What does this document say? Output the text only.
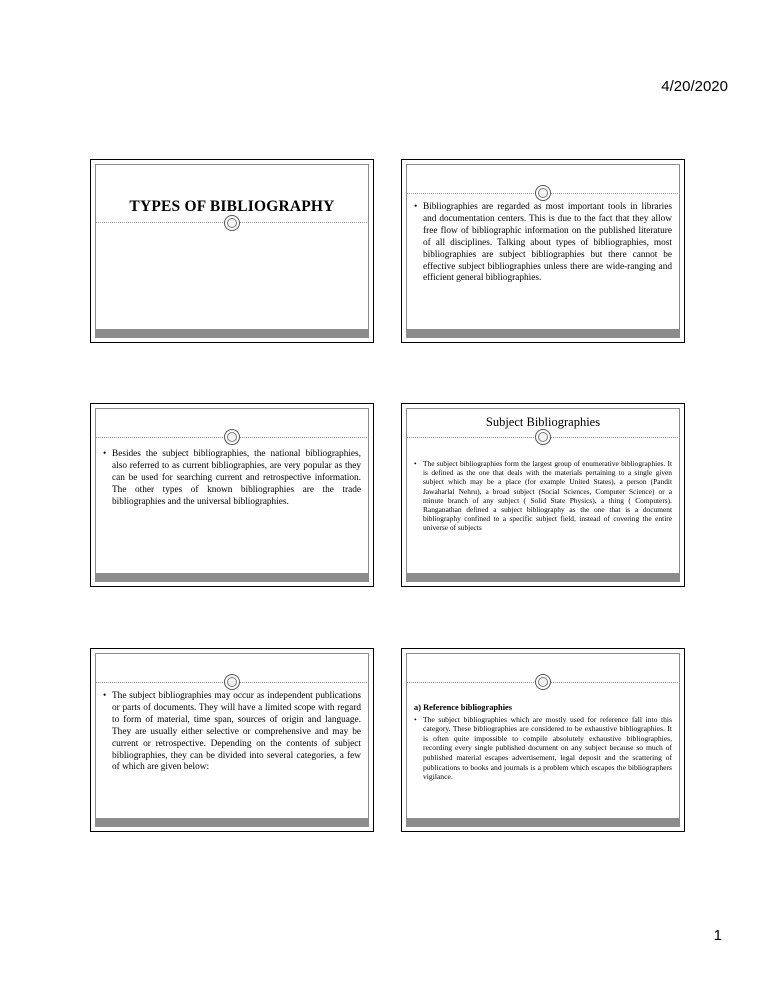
4/20/2020
TYPES OF BIBLIOGRAPHY
•	Bibliographies are regarded as most important tools in libraries and documentation centers. This is due to the fact that they allow free flow of bibliographic information on the published literature of all disciplines. Talking about types of bibliographies, most bibliographies are subject bibliographies but there cannot be effective subject bibliographies unless there are wide-ranging and efficient general bibliographies.
• Besides the subject bibliographies, the national bibliographies, also referred to as current bibliographies, are very popular as they can be used for searching current and retrospective information. The other types of known bibliographies are the trade bibliographies and the universal bibliographies.
Subject Bibliographies
• The subject bibliographies form the largest group of enumerative bibliographies. It is defined as the one that deals with the materials pertaining to a single given subject which may be a place (for example United States), a person (Pandit Jawaharlal Nehru), a broad subject (Social Sciences, Computer Science) or a minute branch of any subject ( Solid State Physics), a thing ( Computers). Ranganathan defined a subject bibliography as the one that is a document bibliography confined to a specific subject field, instead of covering the entire universe of subjects
• The subject bibliographies may occur as independent publications or parts of documents. They will have a limited scope with regard to form of material, time span, sources of origin and language. They are usually either selective or comprehensive and may be current or retrospective. Depending on the contents of subject bibliographies, they can be divided into several categories, a few of which are given below:
a) Reference bibliographies
• The subject bibliographies which are mostly used for reference fall into this category. These bibliographies are considered to be exhaustive bibliographies. It is often quite impossible to compile absolutely exhaustive bibliographies, recording every single published document on any subject because so much of published material escapes advertisement, legal deposit and the scattering of publications to books and journals is a problem which escapes the bibliographers vigilance.
1
